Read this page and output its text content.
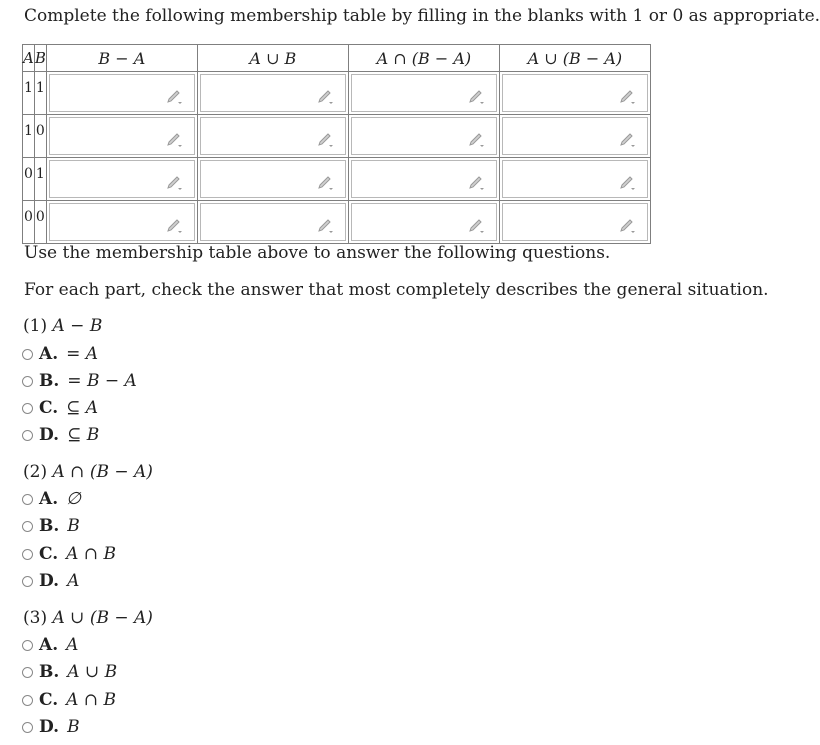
Complete the following membership table by filling in the blanks with 1 or 0 as appropriate.

A	B	B − A	A ∪ B	A ∩ (B − A)	A ∪ (B − A)
1	1	

1	0	

0	1	

0	0	

Use the membership table above to answer the following questions.

For each part, check the answer that most completely describes the general situation.

(1) A − B

A. = A
B. = B − A
C. ⊆ A
D. ⊆ B

(2) A ∩ (B − A)

A. ∅
B. B
C. A ∩ B
D. A

(3) A ∪ (B − A)

A. A
B. A ∪ B
C. A ∩ B
D. B
